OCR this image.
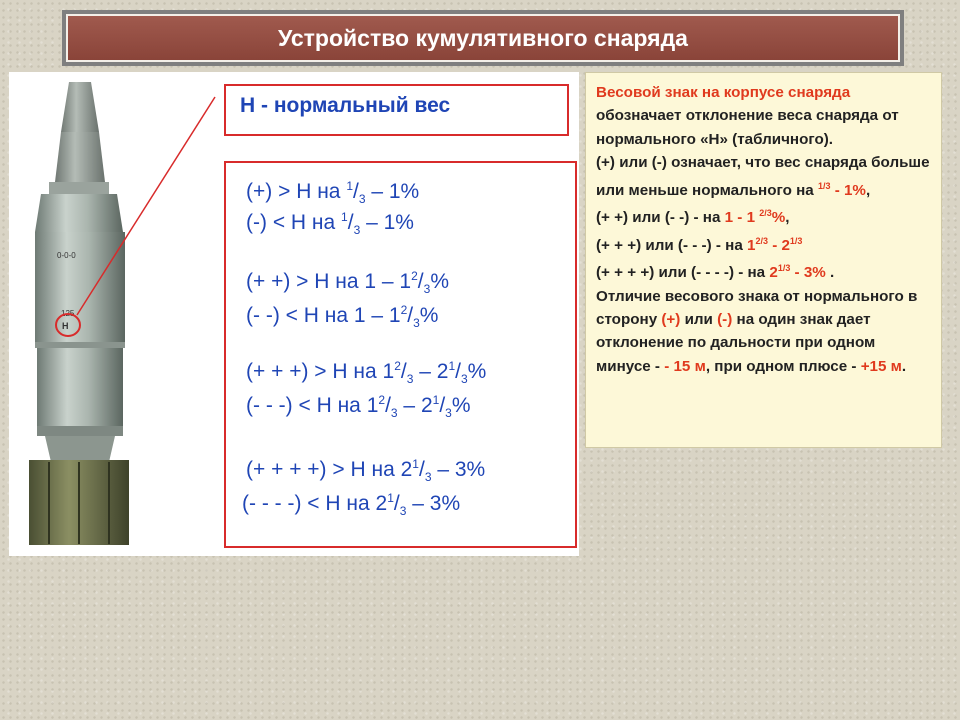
Устройство кумулятивного снаряда
0-0-0
125
Н
Н - нормальный вес
(+) > Н на $^1/_3 - 1\%$
(-) < Н на $^1/_3 - 1\%$
(+ +) > Н на $1 - 1^2/_3\%$
(- -) < Н на $1 - 1^2/_3\%$
(+ + +) > Н на $1^2/_3 - 2^1/_3\%$
(- - -) < Н на $1^2/_3 - 2^1/_3\%$
(+ + + +) > Н на $2^1/_3 - 3\%$
(- - - -) < Н на $2^1/_3 - 3\%$

Весовой знак на корпусе снаряда обозначает отклонение веса снаряда от нормального «Н» (табличного).

(+) или (-) означает, что вес снаряда больше или меньше нормального на $^{1/3}$ - 1%,

(+ +) или (- -) - на 1 - 1 $^{2/3}$%,

(+ + +) или (- - -) - на $1^{2/3} - 2^{1/3}$

(+ + + +) или (- - - -) - на $2^{1/3} - 3\%$ .

Отличие весового знака от нормального в сторону (+) или (-) на один знак дает отклонение по дальности при одном минусе - - 15 м, при одном плюсе - +15 м.
